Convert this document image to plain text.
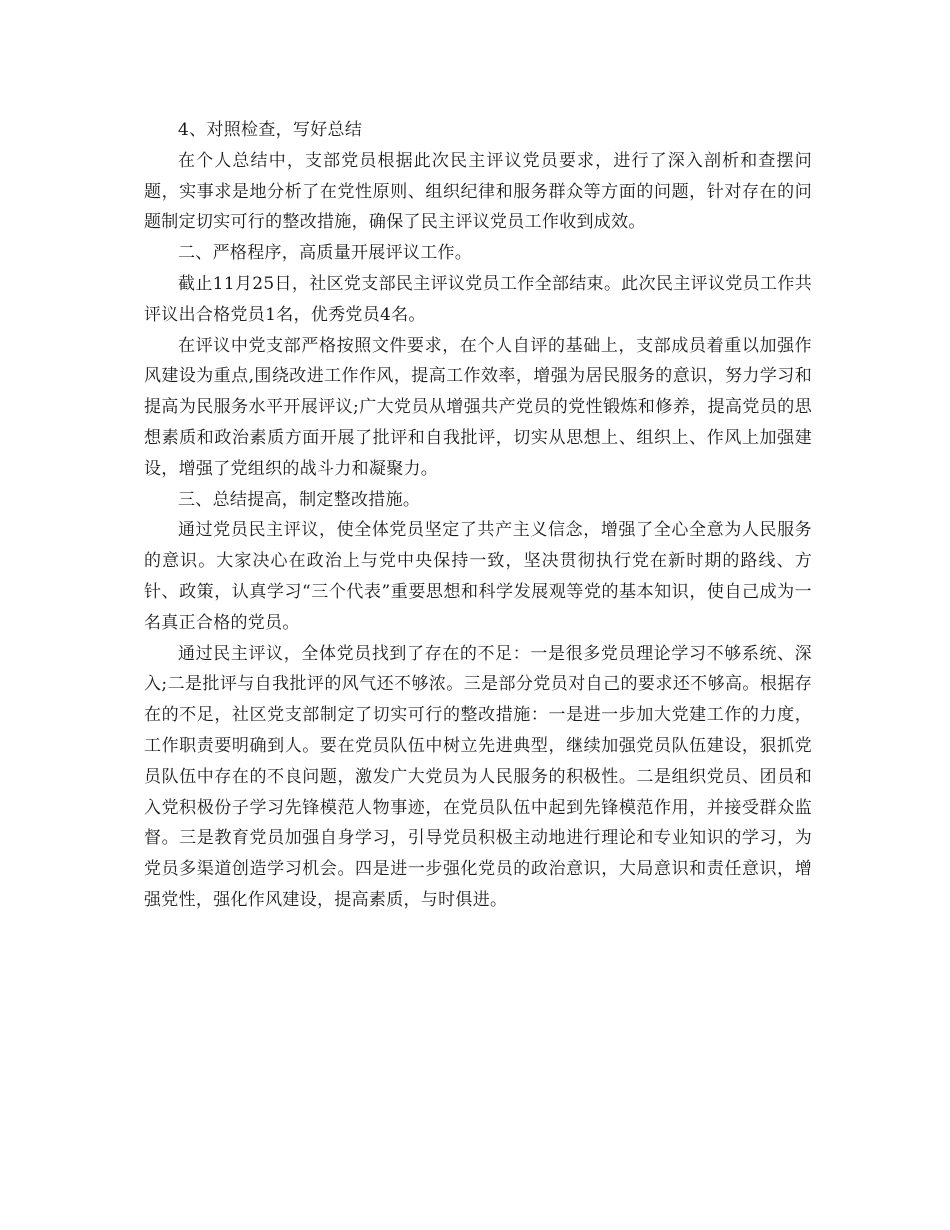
4、对照检查，写好总结

在个人总结中，支部党员根据此次民主评议党员要求，进行了深入剖析和查摆问题，实事求是地分析了在党性原则、组织纪律和服务群众等方面的问题，针对存在的问题制定切实可行的整改措施，确保了民主评议党员工作收到成效。

二、严格程序，高质量开展评议工作。

截止11月25日，社区党支部民主评议党员工作全部结束。此次民主评议党员工作共评议出合格党员1名，优秀党员4名。

在评议中党支部严格按照文件要求，在个人自评的基础上，支部成员着重以加强作风建设为重点,围绕改进工作作风，提高工作效率，增强为居民服务的意识，努力学习和提高为民服务水平开展评议;广大党员从增强共产党员的党性锻炼和修养，提高党员的思想素质和政治素质方面开展了批评和自我批评，切实从思想上、组织上、作风上加强建设，增强了党组织的战斗力和凝聚力。

三、总结提高，制定整改措施。

通过党员民主评议，使全体党员坚定了共产主义信念，增强了全心全意为人民服务的意识。大家决心在政治上与党中央保持一致，坚决贯彻执行党在新时期的路线、方针、政策，认真学习“三个代表”重要思想和科学发展观等党的基本知识，使自己成为一名真正合格的党员。

通过民主评议，全体党员找到了存在的不足：一是很多党员理论学习不够系统、深入;二是批评与自我批评的风气还不够浓。三是部分党员对自己的要求还不够高。根据存在的不足，社区党支部制定了切实可行的整改措施：一是进一步加大党建工作的力度，工作职责要明确到人。要在党员队伍中树立先进典型，继续加强党员队伍建设，狠抓党员队伍中存在的不良问题，激发广大党员为人民服务的积极性。二是组织党员、团员和入党积极份子学习先锋模范人物事迹，在党员队伍中起到先锋模范作用，并接受群众监督。三是教育党员加强自身学习，引导党员积极主动地进行理论和专业知识的学习，为党员多渠道创造学习机会。四是进一步强化党员的政治意识，大局意识和责任意识，增强党性，强化作风建设，提高素质，与时俱进。
